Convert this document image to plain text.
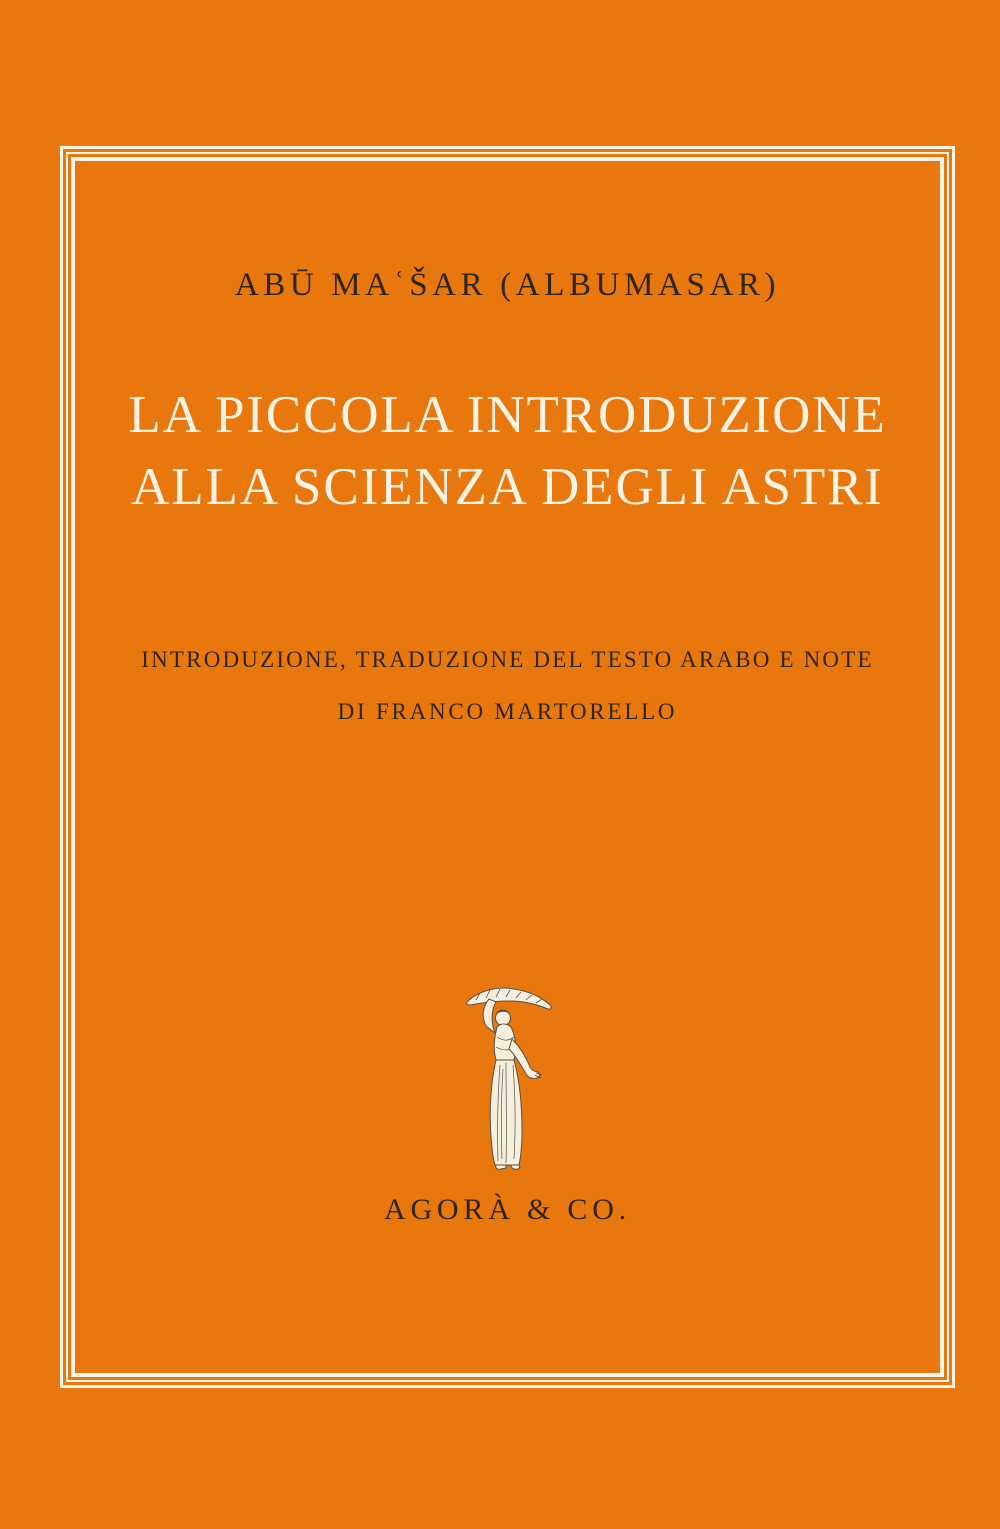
ABŪ MAʿŠAR (ALBUMASAR)
LA PICCOLA INTRODUZIONE
ALLA SCIENZA DEGLI ASTRI
INTRODUZIONE, TRADUZIONE DEL TESTO ARABO E NOTE
DI FRANCO MARTORELLO
AGORÀ & CO.
